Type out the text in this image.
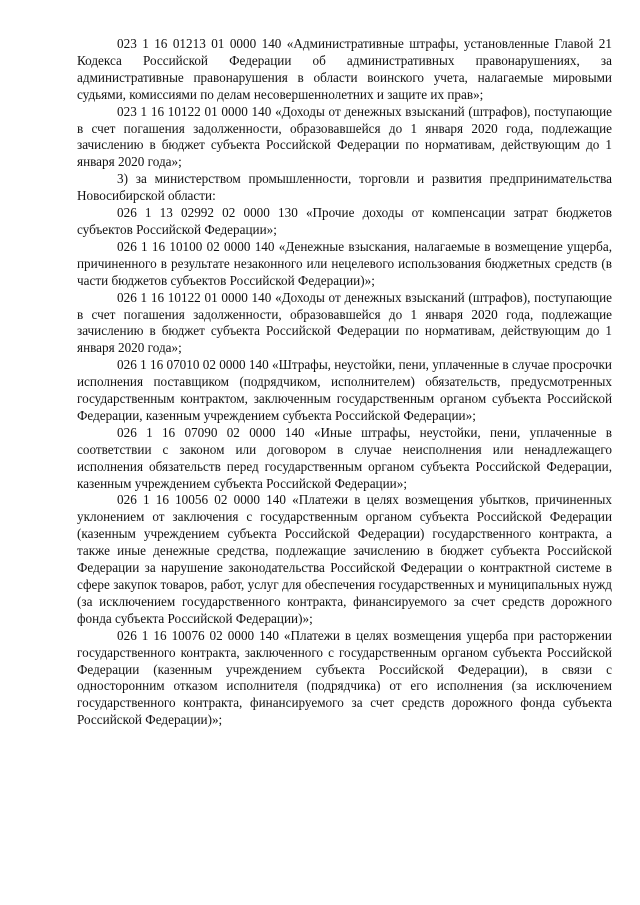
023 1 16 01213 01 0000 140 «Административные штрафы, установленные Главой 21 Кодекса Российской Федерации об административных правонарушениях, за административные правонарушения в области воинского учета, налагаемые мировыми судьями, комиссиями по делам несовершеннолетних и защите их прав»;

023 1 16 10122 01 0000 140 «Доходы от денежных взысканий (штрафов), поступающие в счет погашения задолженности, образовавшейся до 1 января 2020 года, подлежащие зачислению в бюджет субъекта Российской Федерации по нормативам, действующим до 1 января 2020 года»;

3) за министерством промышленности, торговли и развития предпринимательства Новосибирской области:

026 1 13 02992 02 0000 130 «Прочие доходы от компенсации затрат бюджетов субъектов Российской Федерации»;

026 1 16 10100 02 0000 140 «Денежные взыскания, налагаемые в возмещение ущерба, причиненного в результате незаконного или нецелевого использования бюджетных средств (в части бюджетов субъектов Российской Федерации)»;

026 1 16 10122 01 0000 140 «Доходы от денежных взысканий (штрафов), поступающие в счет погашения задолженности, образовавшейся до 1 января 2020 года, подлежащие зачислению в бюджет субъекта Российской Федерации по нормативам, действующим до 1 января 2020 года»;

026 1 16 07010 02 0000 140 «Штрафы, неустойки, пени, уплаченные в случае просрочки исполнения поставщиком (подрядчиком, исполнителем) обязательств, предусмотренных государственным контрактом, заключенным государственным органом субъекта Российской Федерации, казенным учреждением субъекта Российской Федерации»;

026 1 16 07090 02 0000 140 «Иные штрафы, неустойки, пени, уплаченные в соответствии с законом или договором в случае неисполнения или ненадлежащего исполнения обязательств перед государственным органом субъекта Российской Федерации, казенным учреждением субъекта Российской Федерации»;

026 1 16 10056 02 0000 140 «Платежи в целях возмещения убытков, причиненных уклонением от заключения с государственным органом субъекта Российской Федерации (казенным учреждением субъекта Российской Федерации) государственного контракта, а также иные денежные средства, подлежащие зачислению в бюджет субъекта Российской Федерации за нарушение законодательства Российской Федерации о контрактной системе в сфере закупок товаров, работ, услуг для обеспечения государственных и муниципальных нужд (за исключением государственного контракта, финансируемого за счет средств дорожного фонда субъекта Российской Федерации)»;

026 1 16 10076 02 0000 140 «Платежи в целях возмещения ущерба при расторжении государственного контракта, заключенного с государственным органом субъекта Российской Федерации (казенным учреждением субъекта Российской Федерации), в связи с односторонним отказом исполнителя (подрядчика) от его исполнения (за исключением государственного контракта, финансируемого за счет средств дорожного фонда субъекта Российской Федерации)»;
